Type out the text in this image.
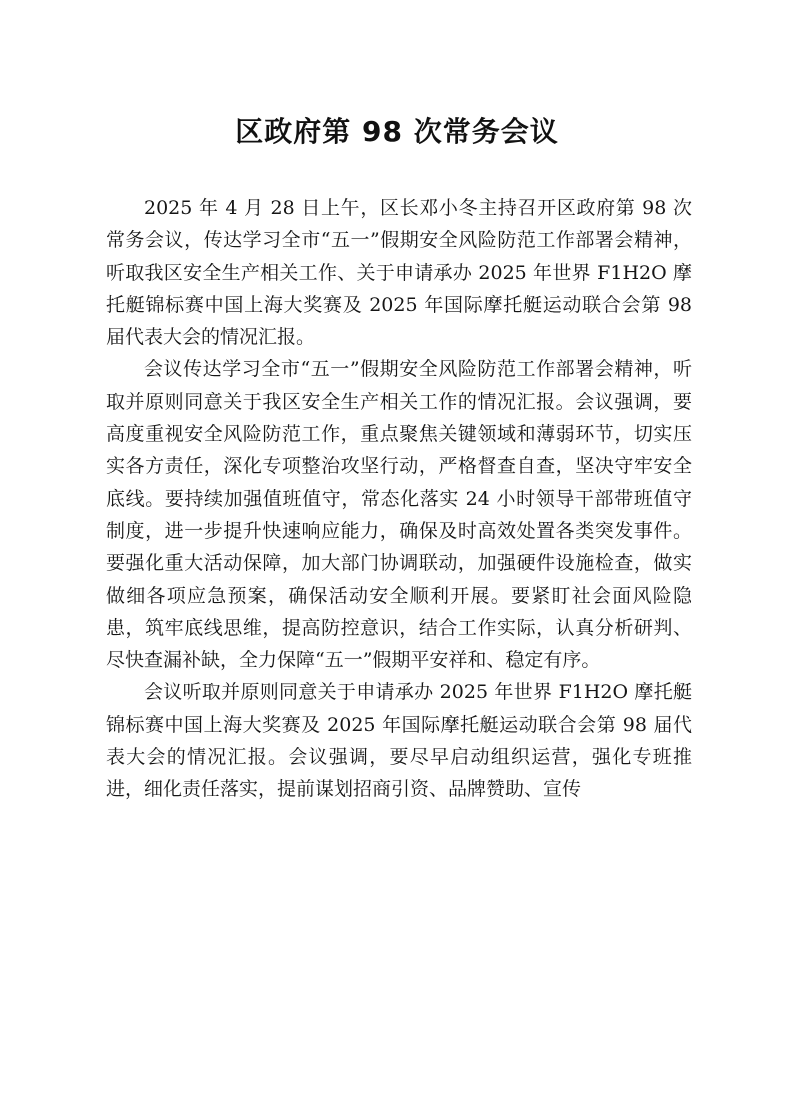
区政府第 98 次常务会议

2025 年 4 月 28 日上午，区长邓小冬主持召开区政府第 98 次常务会议，传达学习全市“五一”假期安全风险防范工作部署会精神，听取我区安全生产相关工作、关于申请承办 2025 年世界 F1H2O 摩托艇锦标赛中国上海大奖赛及 2025 年国际摩托艇运动联合会第 98 届代表大会的情况汇报。

会议传达学习全市“五一”假期安全风险防范工作部署会精神，听取并原则同意关于我区安全生产相关工作的情况汇报。会议强调，要高度重视安全风险防范工作，重点聚焦关键领域和薄弱环节，切实压实各方责任，深化专项整治攻坚行动，严格督查自查，坚决守牢安全底线。要持续加强值班值守，常态化落实 24 小时领导干部带班值守制度，进一步提升快速响应能力，确保及时高效处置各类突发事件。要强化重大活动保障，加大部门协调联动，加强硬件设施检查，做实做细各项应急预案，确保活动安全顺利开展。要紧盯社会面风险隐患，筑牢底线思维，提高防控意识，结合工作实际，认真分析研判、尽快查漏补缺，全力保障“五一”假期平安祥和、稳定有序。

会议听取并原则同意关于申请承办 2025 年世界 F1H2O 摩托艇锦标赛中国上海大奖赛及 2025 年国际摩托艇运动联合会第 98 届代表大会的情况汇报。会议强调，要尽早启动组织运营，强化专班推进，细化责任落实，提前谋划招商引资、品牌赞助、宣传
